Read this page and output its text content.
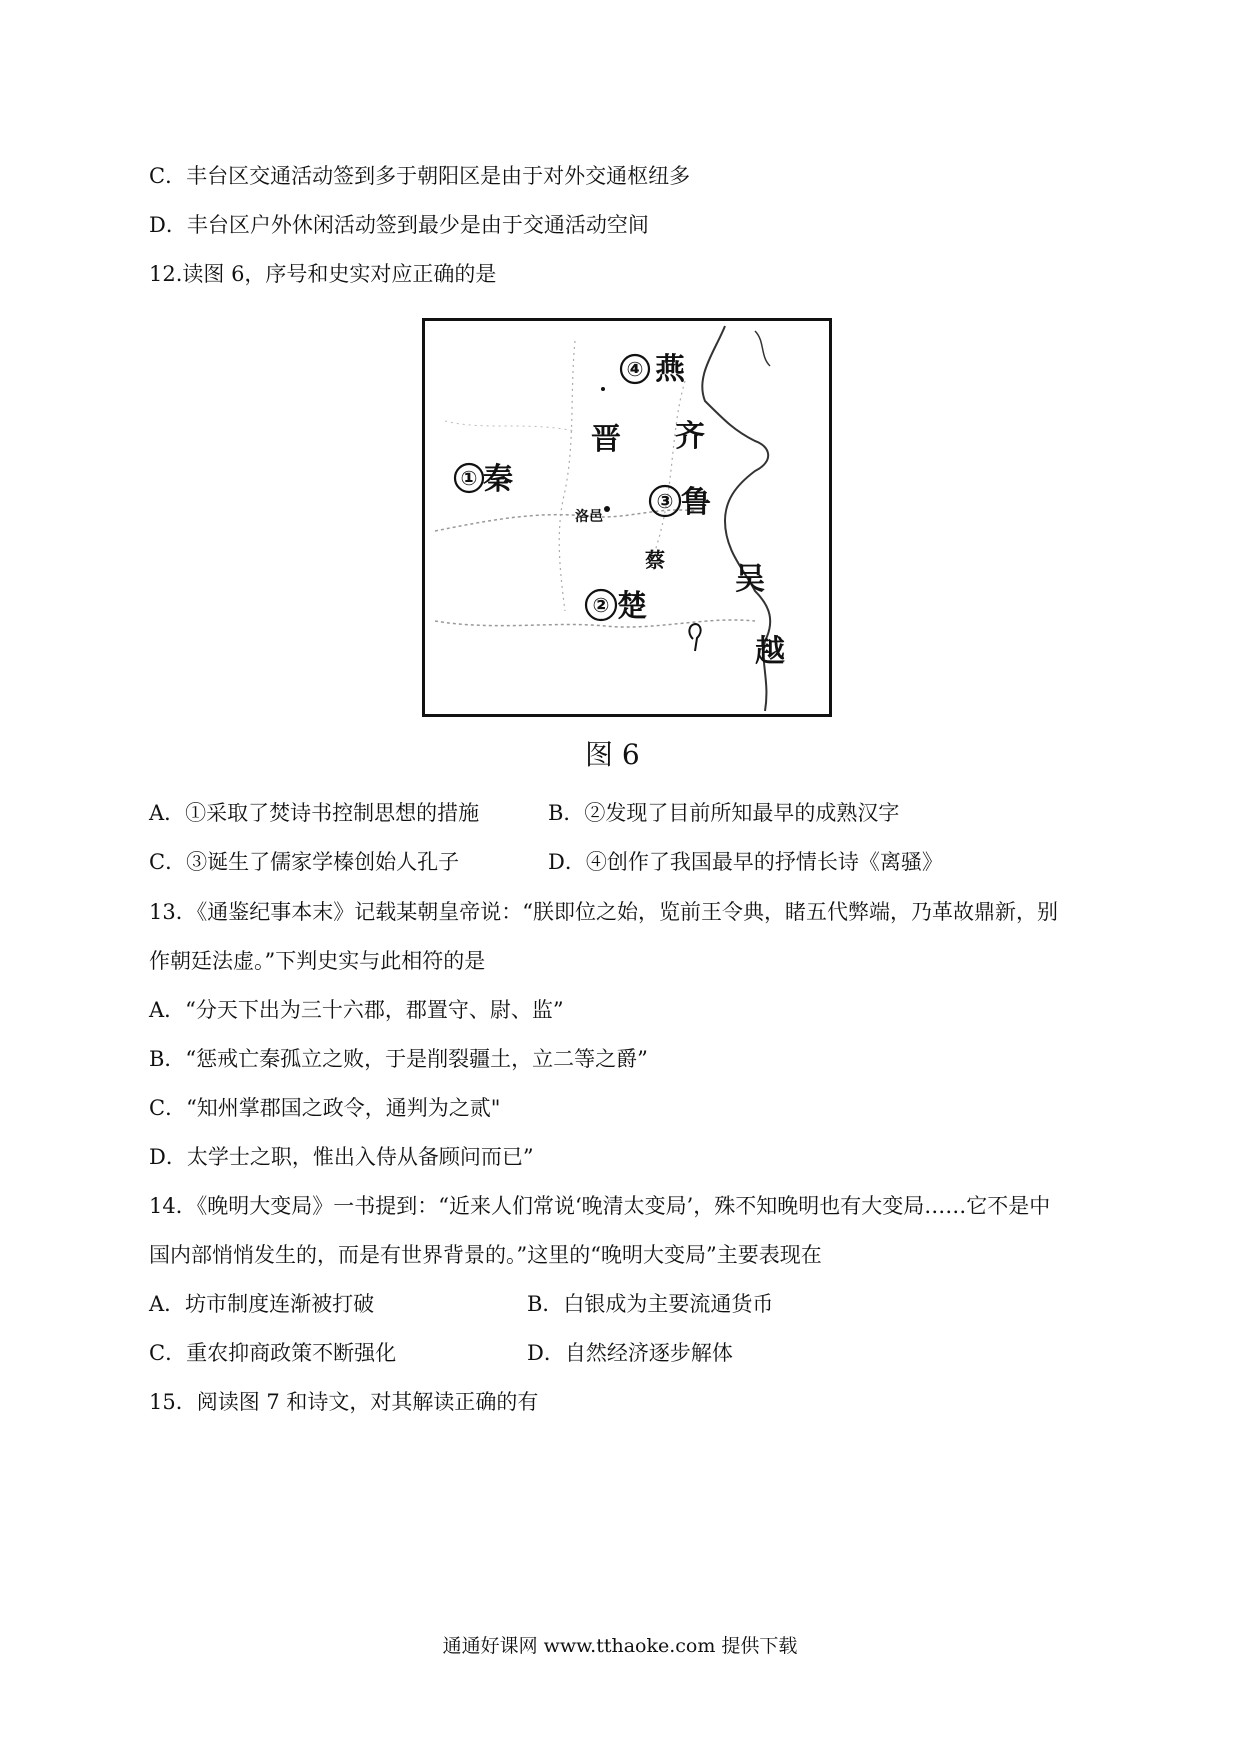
C．丰台区交通活动签到多于朝阳区是由于对外交通枢纽多
D．丰台区户外休闲活动签到最少是由于交通活动空间
12.读图 6，序号和史实对应正确的是
④ 燕
晋 齐
① 秦
③ 鲁
洛邑
蔡
② 楚
吴
越
图 6
A．①采取了焚诗书控制思想的措施	B．②发现了目前所知最早的成熟汉字
C．③诞生了儒家学榛创始人孔子	D．④创作了我国最早的抒情长诗《离骚》
13．《通鉴纪事本末》记载某朝皇帝说：“朕即位之始，览前王令典，睹五代弊端，乃革故鼎新，别
作朝廷法虚。”下判史实与此相符的是
A．“分天下出为三十六郡，郡置守、尉、监”
B．“惩戒亡秦孤立之败，于是削裂疆土，立二等之爵”
C．“知州掌郡国之政令，通判为之贰"
D．太学士之职，惟出入侍从备顾问而已”
14．《晚明大变局》一书提到：“近来人们常说‘晚清太变局’，殊不知晚明也有大变局……它不是中
国内部悄悄发生的，而是有世界背景的。”这里的“晚明大变局”主要表现在
A．坊市制度连渐被打破	B．白银成为主要流通货币
C．重农抑商政策不断强化	D．自然经济逐步解体
15．阅读图 7 和诗文，对其解读正确的有
通通好课网 www.tthaoke.com 提供下载
